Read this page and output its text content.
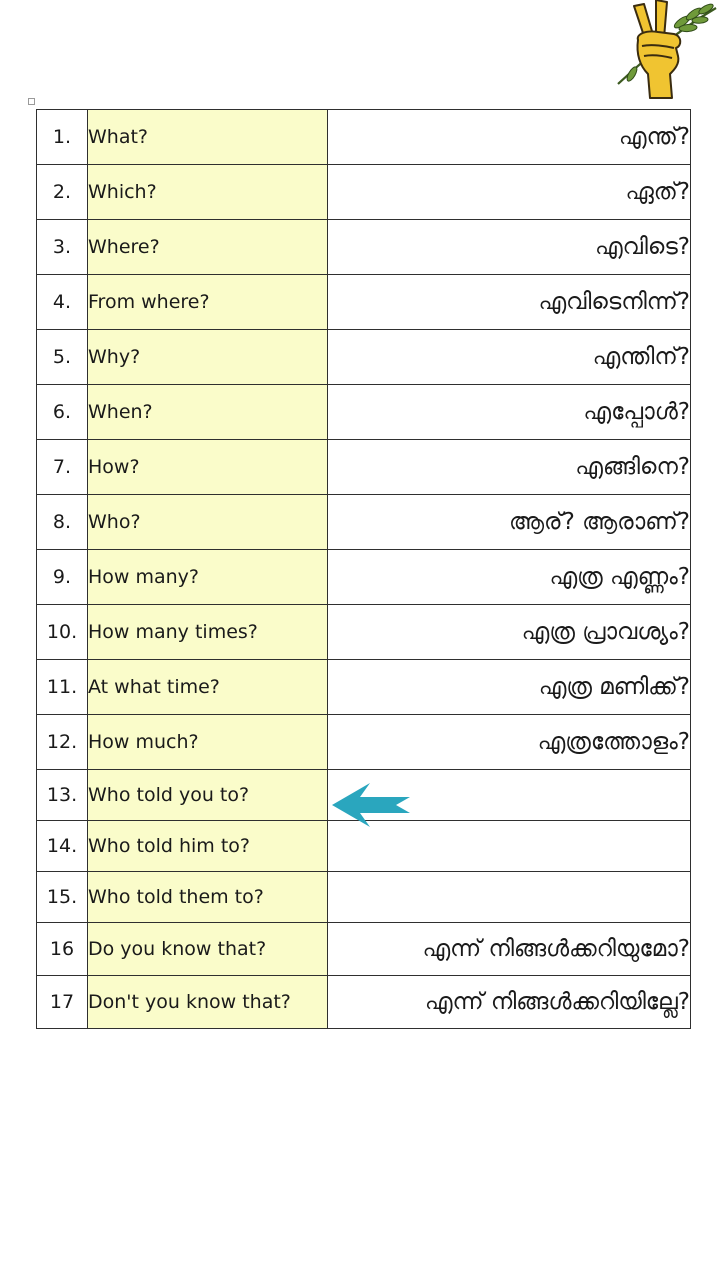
1.	What?	എന്ത്?
2.	Which?	ഏത്?
3.	Where?	എവിടെ?
4.	From where?	എവിടെനിന്ന്?
5.	Why?	എന്തിന്?
6.	When?	എപ്പോൾ?
7.	How?	എങ്ങിനെ?
8.	Who?	ആര്? ആരാണ്?
9.	How many?	എത്ര എണ്ണം?
10.	How many times?	എത്ര പ്രാവശ്യം?
11.	At what time?	എത്ര മണിക്ക്?
12.	How much?	എത്രത്തോളം?
13.	Who told you to?	
14.	Who told him to?	
15.	Who told them to?	
16	Do you know that?	എന്ന് നിങ്ങൾക്കറിയുമോ?
17	Don't you know that?	എന്ന് നിങ്ങൾക്കറിയില്ലേ?
